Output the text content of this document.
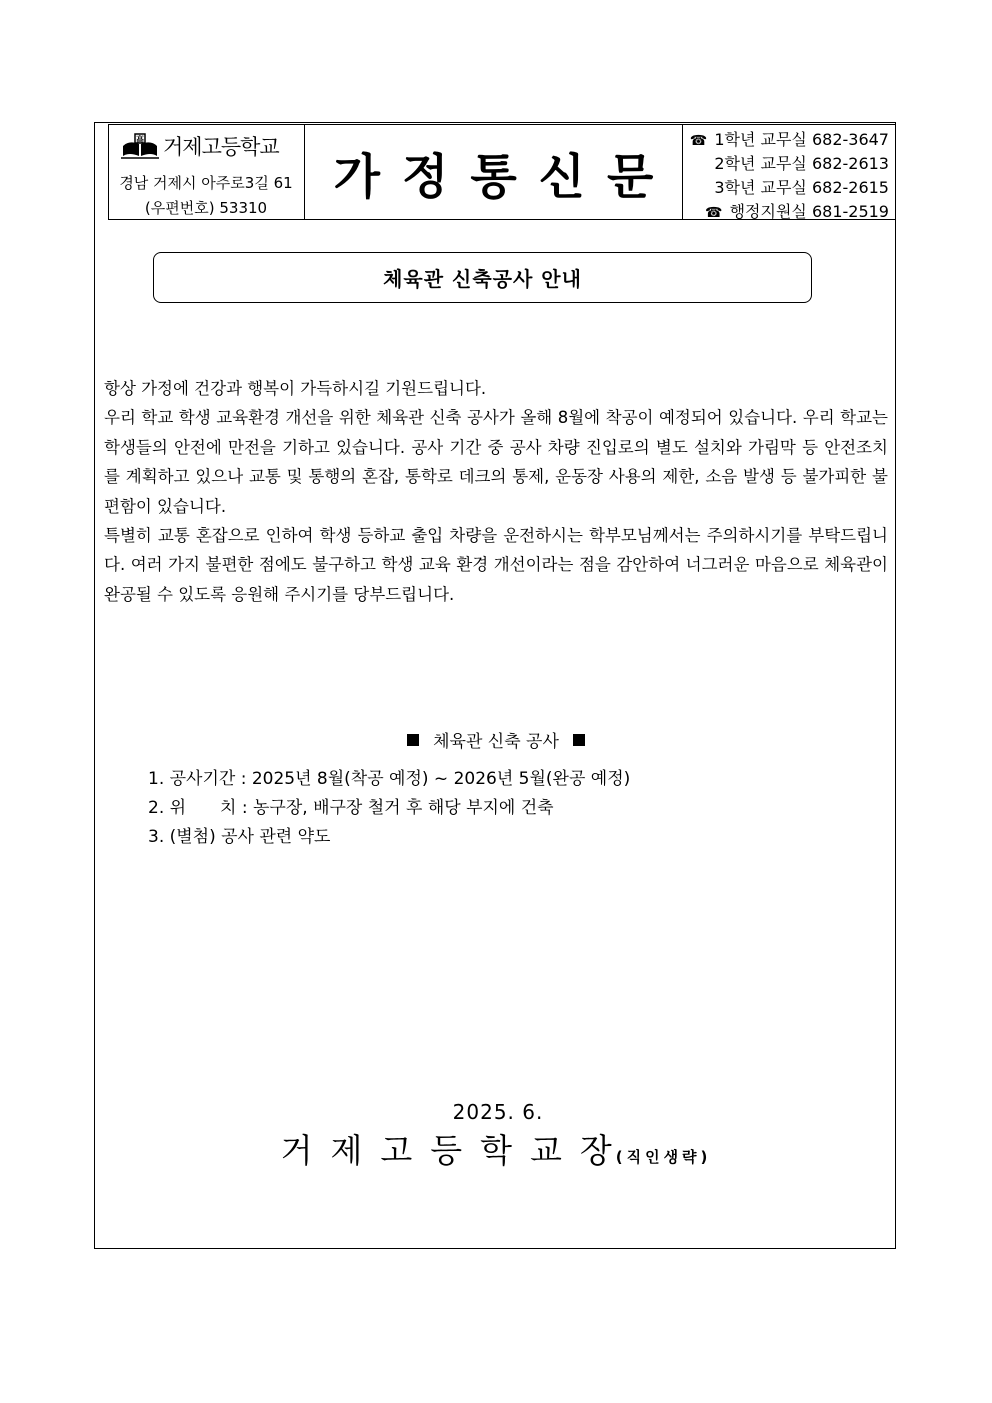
高 거제고등학교
경남 거제시 아주로3길 61
(우편번호) 53310
가정통신문
☎ 1학년 교무실 682-3647
2학년 교무실 682-2613
3학년 교무실 682-2615
☎ 행정지원실 681-2519
체육관 신축공사 안내

항상 가정에 건강과 행복이 가득하시길 기원드립니다.

우리 학교 학생 교육환경 개선을 위한 체육관 신축 공사가 올해 8월에 착공이 예정되어 있습니다. 우리 학교는 학생들의 안전에 만전을 기하고 있습니다. 공사 기간 중 공사 차량 진입로의 별도 설치와 가림막 등 안전조치를 계획하고 있으나 교통 및 통행의 혼잡, 통학로 데크의 통제, 운동장 사용의 제한, 소음 발생 등 불가피한 불편함이 있습니다.

특별히 교통 혼잡으로 인하여 학생 등하교 출입 차량을 운전하시는 학부모님께서는 주의하시기를 부탁드립니다. 여러 가지 불편한 점에도 불구하고 학생 교육 환경 개선이라는 점을 감안하여 너그러운 마음으로 체육관이 완공될 수 있도록 응원해 주시기를 당부드립니다.

체육관 신축 공사
1. 공사기간 : 2025년 8월(착공 예정) ~ 2026년 5월(완공 예정)
2. 위　　치 : 농구장, 배구장 철거 후 해당 부지에 건축
3. (별첨) 공사 관련 약도
2025. 6.
거제고등학교장(직인생략)
